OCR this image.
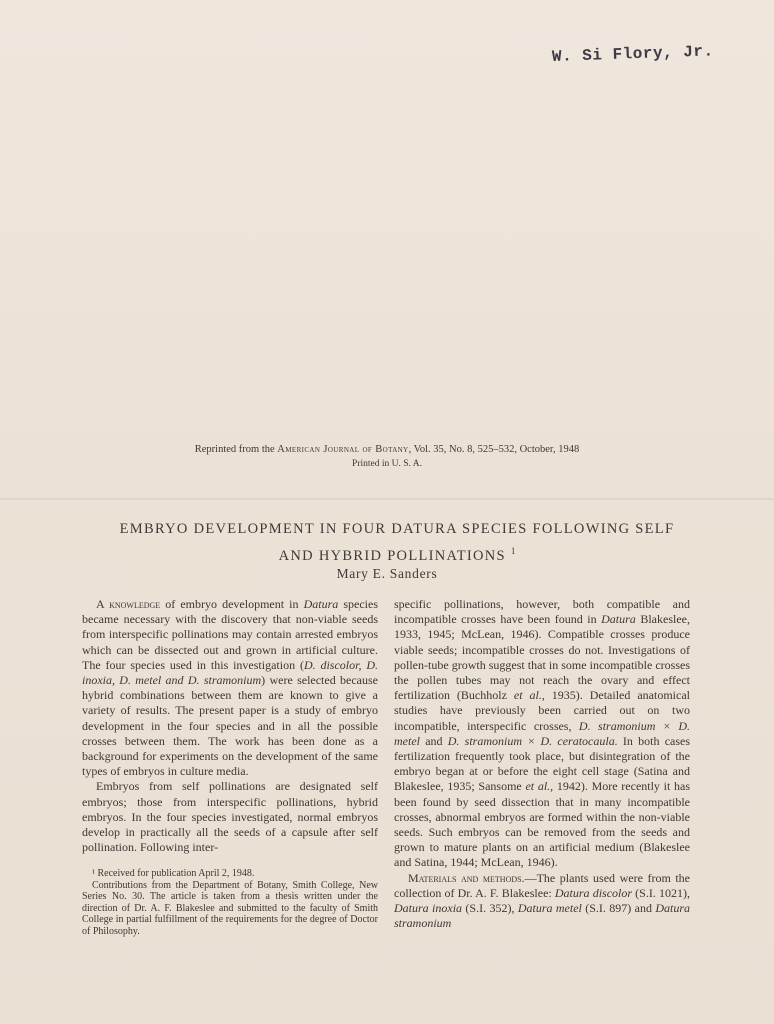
W. Si Flory, Jr.
Reprinted from the American Journal of Botany, Vol. 35, No. 8, 525–532, October, 1948
Printed in U. S. A.
EMBRYO DEVELOPMENT IN FOUR DATURA SPECIES FOLLOWING SELF
AND HYBRID POLLINATIONS $^1$
Mary E. Sanders

A knowledge of embryo development in Datura species became necessary with the discovery that non-viable seeds from interspecific pollinations may contain arrested embryos which can be dissected out and grown in artificial culture. The four species used in this investigation (D. discolor, D. inoxia, D. metel and D. stramonium) were selected because hybrid combinations between them are known to give a variety of results. The present paper is a study of embryo development in the four species and in all the possible crosses between them. The work has been done as a background for experiments on the development of the same types of embryos in culture media.

Embryos from self pollinations are designated self embryos; those from interspecific pollinations, hybrid embryos. In the four species investigated, normal embryos develop in practically all the seeds of a capsule after self pollination. Following inter-

¹ Received for publication April 2, 1948.

Contributions from the Department of Botany, Smith College, New Series No. 30. The article is taken from a thesis written under the direction of Dr. A. F. Blakeslee and submitted to the faculty of Smith College in partial fulfillment of the requirements for the degree of Doctor of Philosophy.

specific pollinations, however, both compatible and incompatible crosses have been found in Datura Blakeslee, 1933, 1945; McLean, 1946). Compatible crosses produce viable seeds; incompatible crosses do not. Investigations of pollen-tube growth suggest that in some incompatible crosses the pollen tubes may not reach the ovary and effect fertilization (Buchholz et al., 1935). Detailed anatomical studies have previously been carried out on two incompatible, interspecific crosses, D. stramonium × D. metel and D. stramonium × D. ceratocaula. In both cases fertilization frequently took place, but disintegration of the embryo began at or before the eight cell stage (Satina and Blakeslee, 1935; Sansome et al., 1942). More recently it has been found by seed dissection that in many incompatible crosses, abnormal embryos are formed within the non-viable seeds. Such embryos can be removed from the seeds and grown to mature plants on an artificial medium (Blakeslee and Satina, 1944; McLean, 1946).

Materials and methods.—The plants used were from the collection of Dr. A. F. Blakeslee: Datura discolor (S.I. 1021), Datura inoxia (S.I. 352), Datura metel (S.I. 897) and Datura stramonium
